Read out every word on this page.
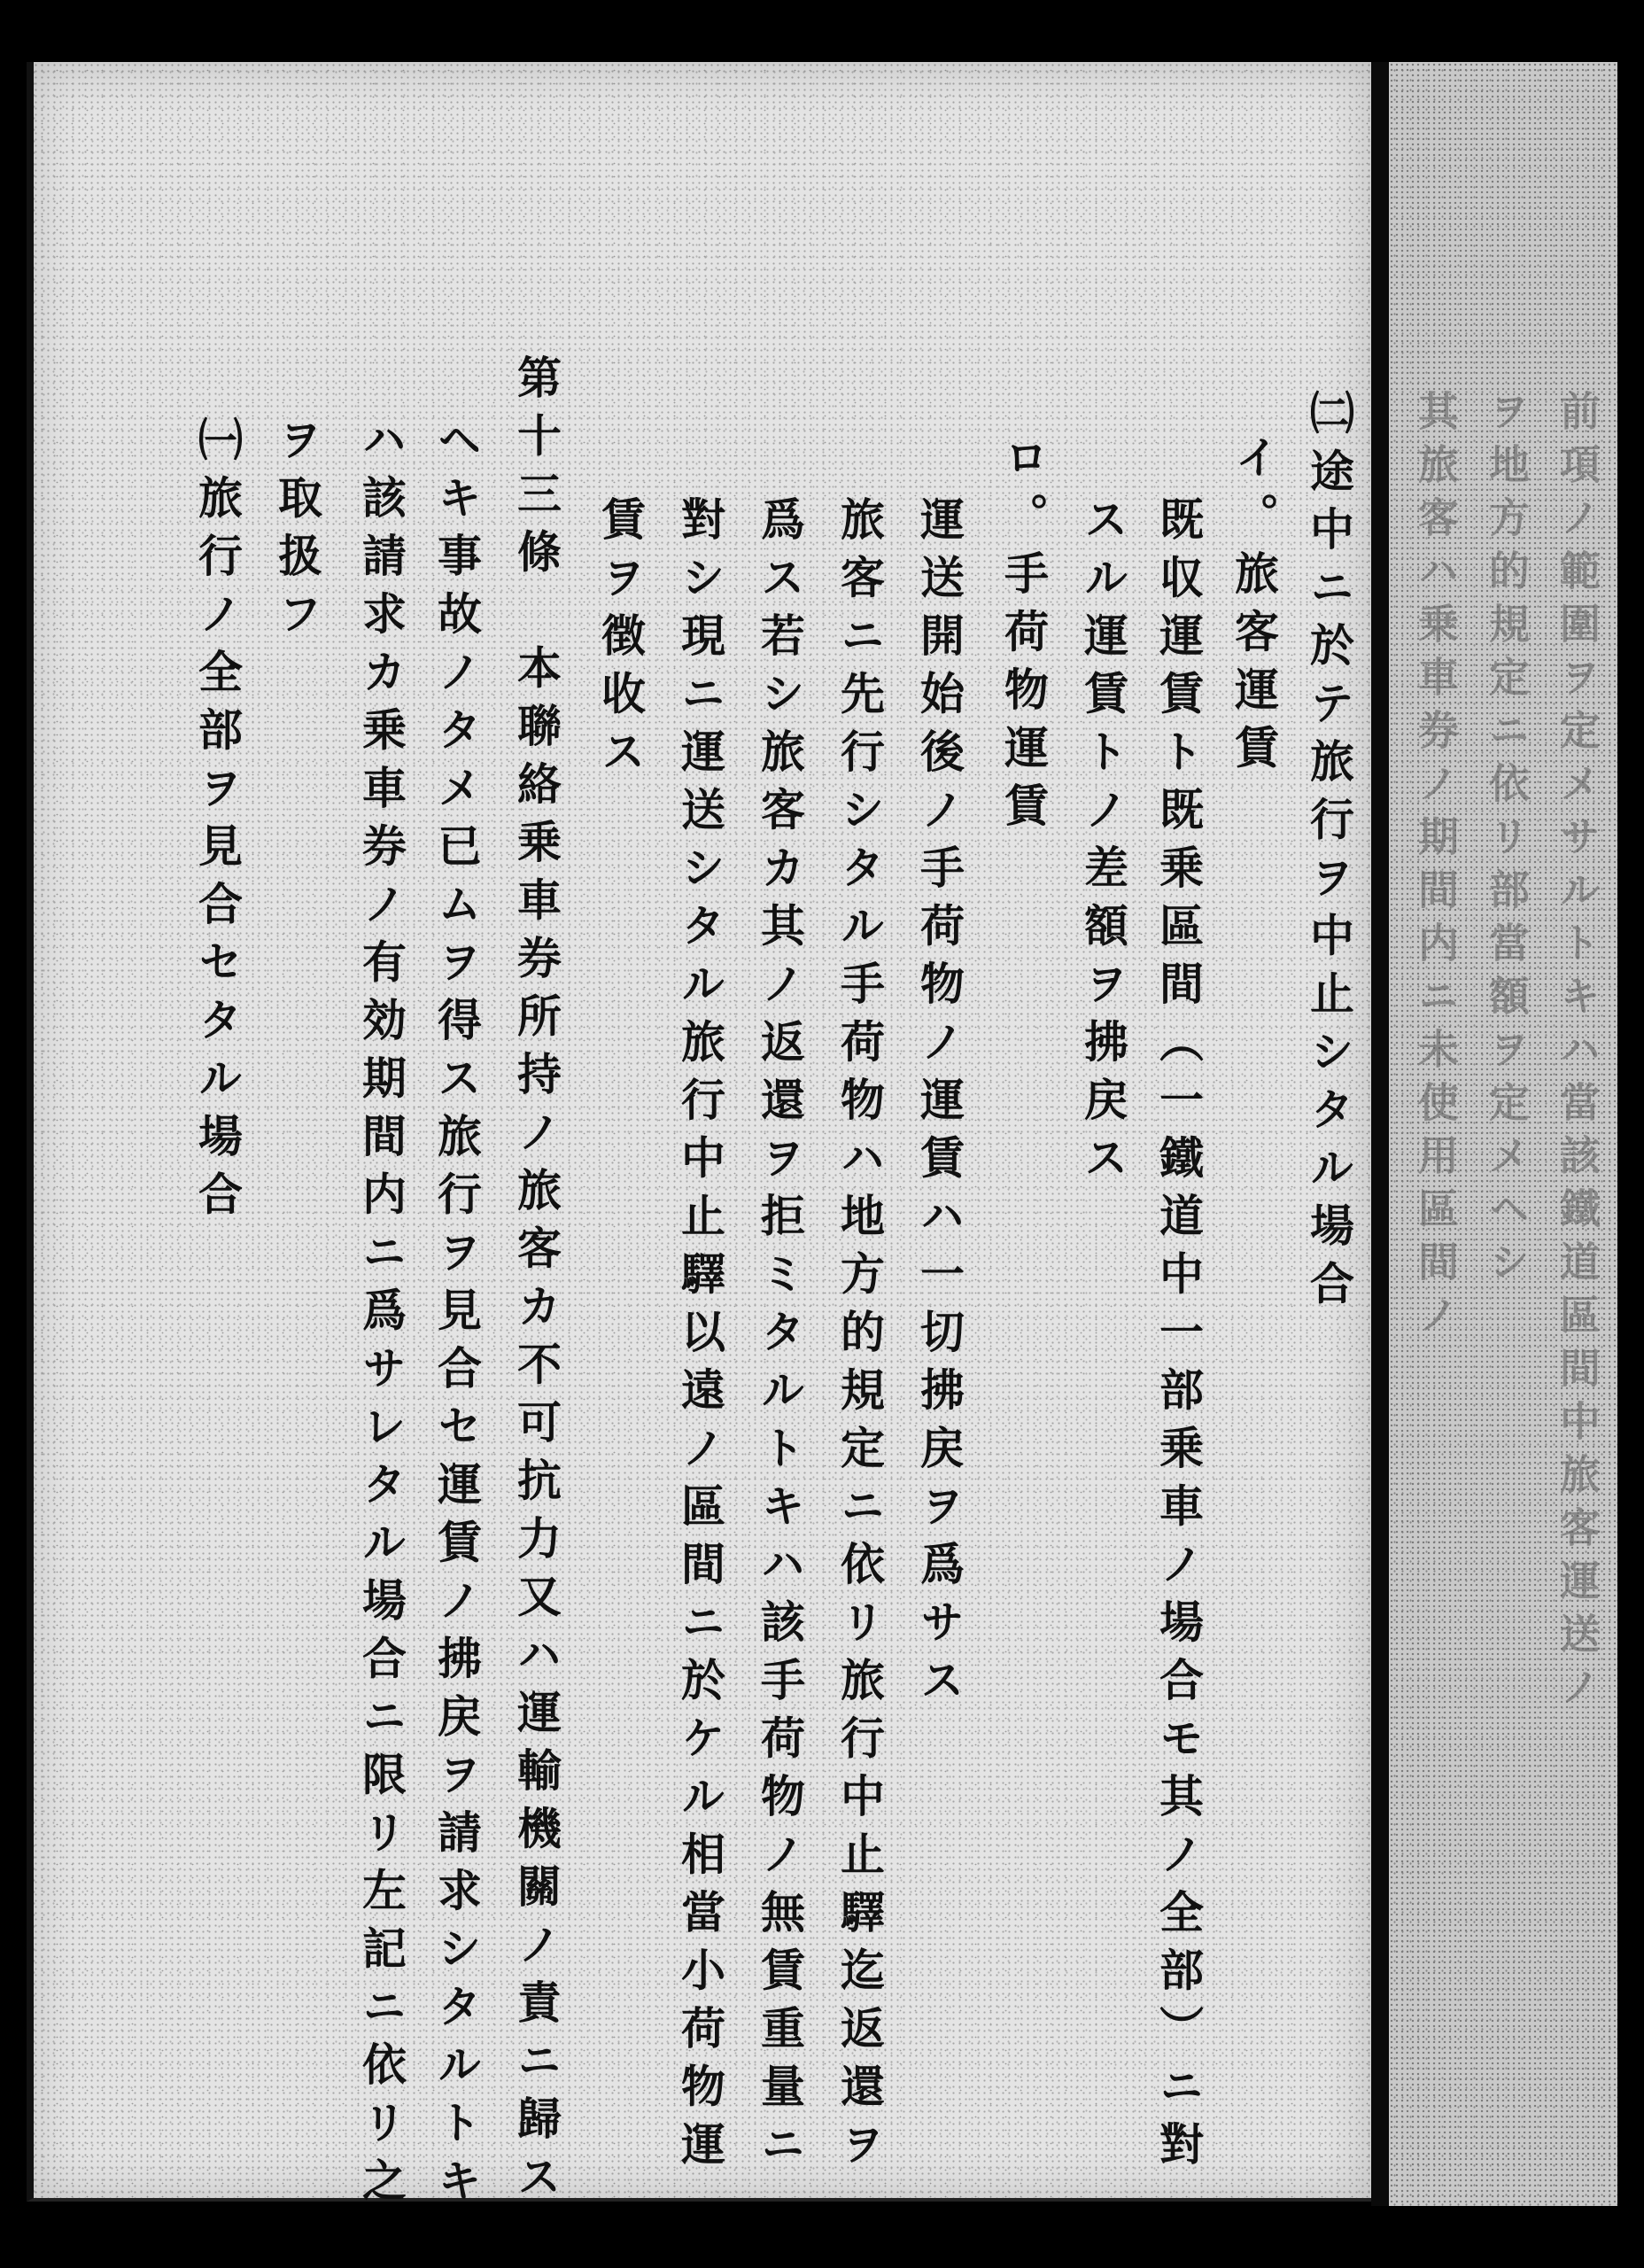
前項ノ範圍ヲ定メサルトキハ當該鐵道區間中旅客運送ノ
ヲ地方的規定ニ依リ部當額ヲ定メヘシ
其旅客ハ乗車券ノ期間内ニ未使用區間ノ
㈡途中ニ於テ旅行ヲ中止シタル場合
イ。旅客運賃
既収運賃ト既乗區間（一鐵道中一部乗車ノ場合モ其ノ全部）ニ對
スル運賃トノ差額ヲ拂戻ス
ロ。手荷物運賃
運送開始後ノ手荷物ノ運賃ハ一切拂戻ヲ爲サス
旅客ニ先行シタル手荷物ハ地方的規定ニ依リ旅行中止驛迄返還ヲ
爲ス若シ旅客カ其ノ返還ヲ拒ミタルトキハ該手荷物ノ無賃重量ニ
對シ現ニ運送シタル旅行中止驛以遠ノ區間ニ於ケル相當小荷物運
賃ヲ徴收ス
第十三條　本聯絡乗車券所持ノ旅客カ不可抗力又ハ運輸機關ノ責ニ歸ス
ヘキ事故ノタメ已ムヲ得ス旅行ヲ見合セ運賃ノ拂戻ヲ請求シタルトキ
ハ該請求カ乗車券ノ有効期間内ニ爲サレタル場合ニ限リ左記ニ依リ之
ヲ取扱フ
㈠旅行ノ全部ヲ見合セタル場合
